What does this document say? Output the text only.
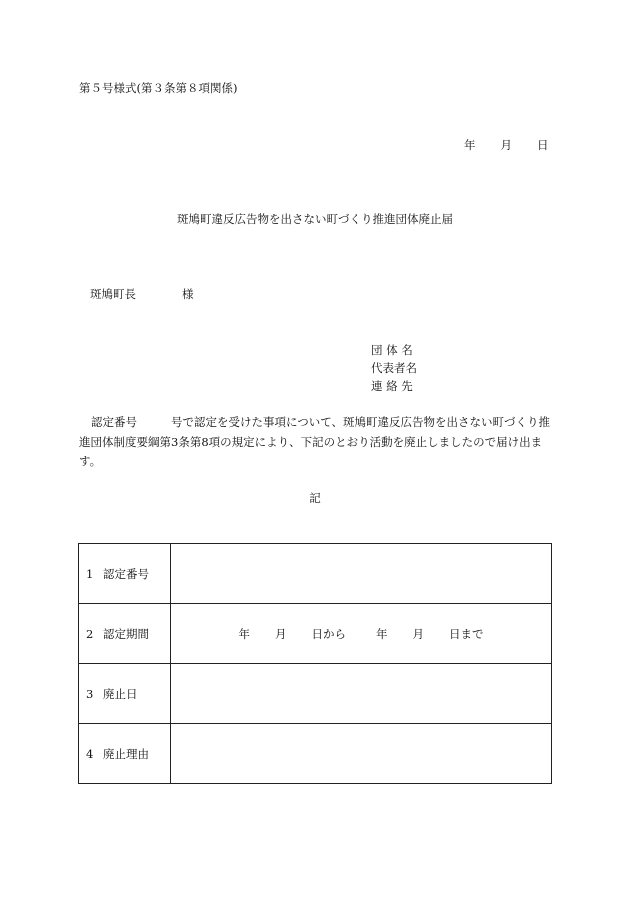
第５号様式(第３条第８項関係)
年 月 日
斑鳩町違反広告物を出さない町づくり推進団体廃止届
斑鳩町長	様
団 体 名
代表者名
連 絡 先
認定番号	号で認定を受けた事項について、斑鳩町違反広告物を出さない町づくり推進団体制度要綱第3条第8項の規定により、下記のとおり活動を廃止しましたので届け出ます。
記
1 認定番号	
2 認定期間	年 月 日から 年 月 日まで
3 廃止日	
4 廃止理由	
